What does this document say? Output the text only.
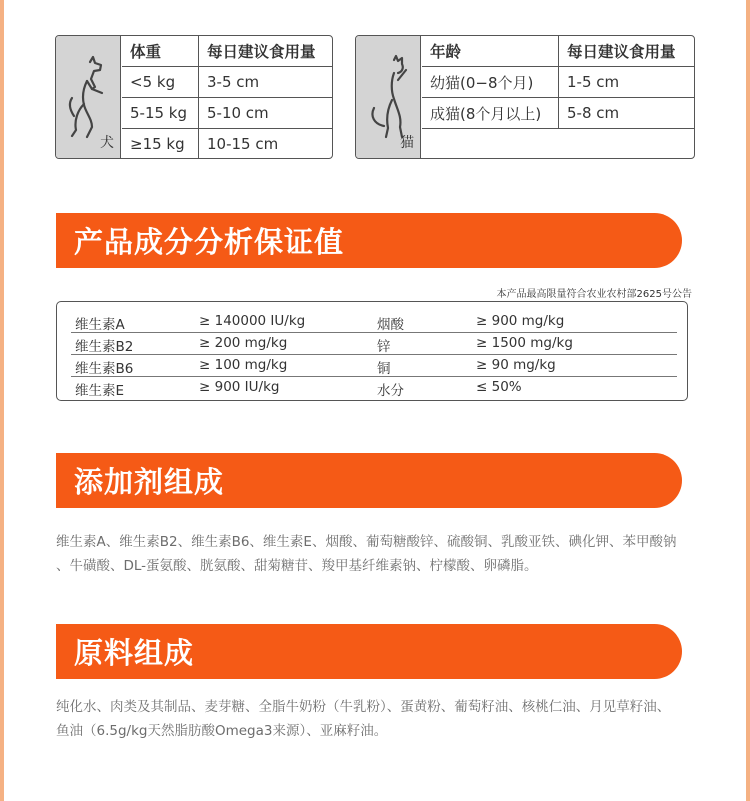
犬
体重	每日建议食用量
<5 kg	3-5 cm
5-15 kg	5-10 cm
≥15 kg	10-15 cm	猫
年龄	每日建议食用量
幼猫(0−8个月)	1-5 cm
成猫(8个月以上)	5-8 cm
产品成分分析保证值
本产品最高限量符合农业农村部2625号公告
维生素A	≥ 140000 IU/kg	烟酸	≥ 900 mg/kg
维生素B2	≥ 200 mg/kg	锌	≥ 1500 mg/kg
维生素B6	≥ 100 mg/kg	铜	≥ 90 mg/kg
维生素E	≥ 900 IU/kg	水分	≤ 50%
添加剂组成
维生素A、维生素B2、维生素B6、维生素E、烟酸、葡萄糖酸锌、硫酸铜、乳酸亚铁、碘化钾、苯甲酸钠
、牛磺酸、DL-蛋氨酸、胱氨酸、甜菊糖苷、羧甲基纤维素钠、柠檬酸、卵磷脂。
原料组成
纯化水、肉类及其制品、麦芽糖、全脂牛奶粉（牛乳粉）、蛋黄粉、葡萄籽油、核桃仁油、月见草籽油、
鱼油（6.5g/kg天然脂肪酸Omega3来源）、亚麻籽油。
